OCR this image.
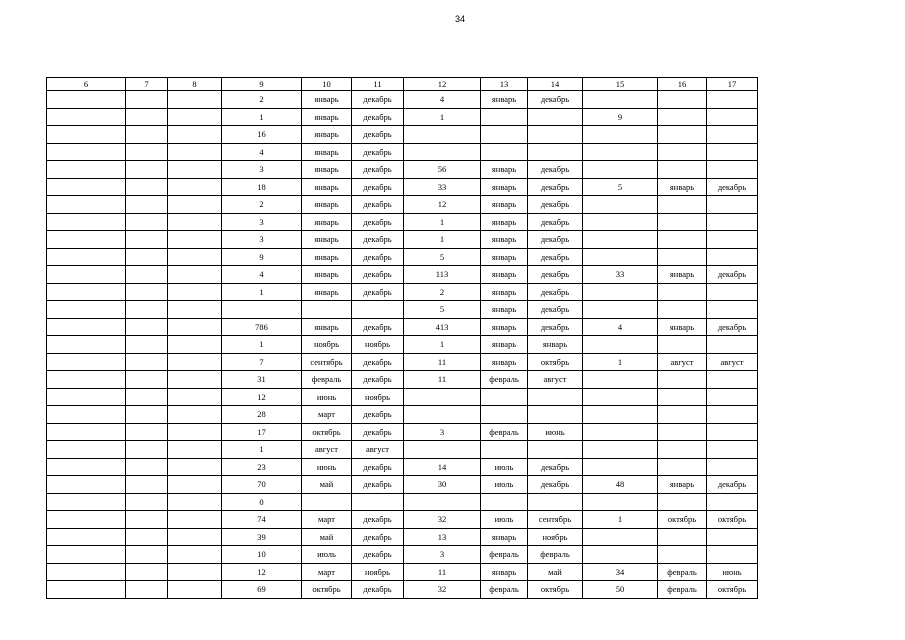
34
6	7	8	9	10	11	12	13	14	15	16	17
			2	январь	декабрь	4	январь	декабрь			
			1	январь	декабрь	1			9		
			16	январь	декабрь						
			4	январь	декабрь						
			3	январь	декабрь	56	январь	декабрь			
			18	январь	декабрь	33	январь	декабрь	5	январь	декабрь
			2	январь	декабрь	12	январь	декабрь			
			3	январь	декабрь	1	январь	декабрь			
			3	январь	декабрь	1	январь	декабрь			
			9	январь	декабрь	5	январь	декабрь			
			4	январь	декабрь	113	январь	декабрь	33	январь	декабрь
			1	январь	декабрь	2	январь	декабрь			
						5	январь	декабрь			
			786	январь	декабрь	413	январь	декабрь	4	январь	декабрь
			1	ноябрь	ноябрь	1	январь	январь			
			7	сентябрь	декабрь	11	январь	октябрь	1	август	август
			31	февраль	декабрь	11	февраль	август			
			12	июнь	ноябрь						
			28	март	декабрь						
			17	октябрь	декабрь	3	февраль	июнь			
			1	август	август						
			23	июнь	декабрь	14	июль	декабрь			
			70	май	декабрь	30	июль	декабрь	48	январь	декабрь
			0								
			74	март	декабрь	32	июль	сентябрь	1	октябрь	октябрь
			39	май	декабрь	13	январь	ноябрь			
			10	июль	декабрь	3	февраль	февраль			
			12	март	ноябрь	11	январь	май	34	февраль	июнь
			69	октябрь	декабрь	32	февраль	октябрь	50	февраль	октябрь
